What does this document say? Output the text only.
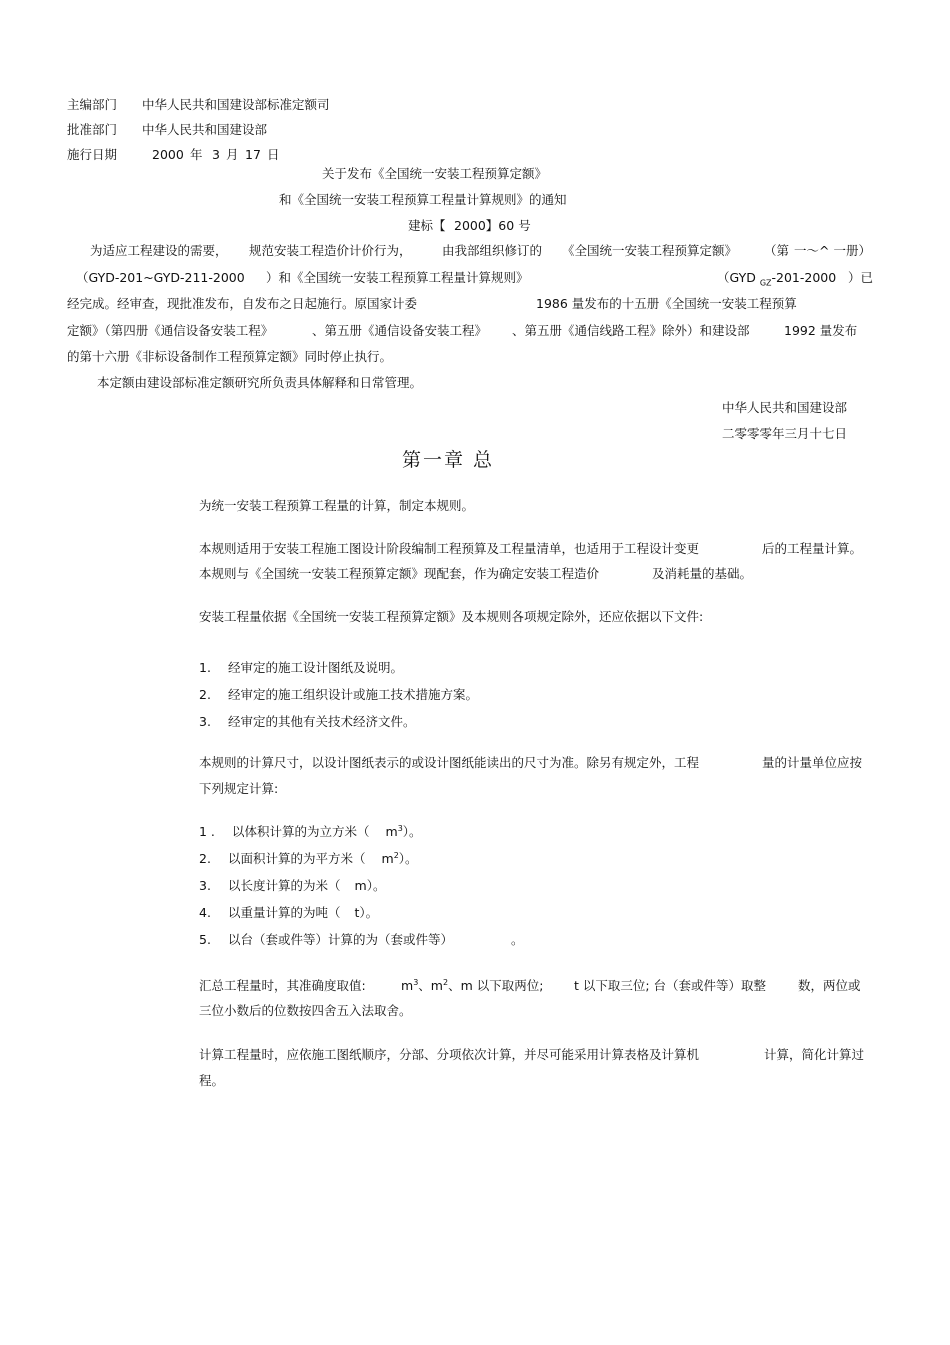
主编部门 中华人民共和国建设部标准定额司
批准部门 中华人民共和国建设部
施行日期	2000 年 3 月 17 日
关于发布《全国统一安装工程预算定额》
和《全国统一安装工程预算工程量计算规则》的通知
建标【 2000】60 号
为适应工程建设的需要， 规范安装工程造价计价行为， 由我部组织修订的 《全国统一安装工程预算定额》 （第 一～^ 一册）
（GYD-201~GYD-211-2000 ）和《全国统一安装工程预算工程量计算规则》	（GYD $_{GZ}$-201-2000 ）已
经完成。经审查，现批准发布，自发布之日起施行。原国家计委	1986 量发布的十五册《全国统一安装工程预算
定额》（第四册《通信设备安装工程》	、第五册《通信设备安装工程》 、第五册《通信线路工程》除外）和建设部	1992 量发布
的第十六册《非标设备制作工程预算定额》同时停止执行。
本定额由建设部标准定额研究所负责具体解释和日常管理。
中华人民共和国建设部
二零零零年三月十七日
第一章 总
为统一安装工程预算工程量的计算，制定本规则。
本规则适用于安装工程施工图设计阶段编制工程预算及工程量清单，也适用于工程设计变更	后的工程量计算。
本规则与《全国统一安装工程预算定额》现配套，作为确定安装工程造价	及消耗量的基础。
安装工程量依据《全国统一安装工程预算定额》及本规则各项规定除外，还应依据以下文件:
1. 经审定的施工设计图纸及说明。
2. 经审定的施工组织设计或施工技术措施方案。
3. 经审定的其他有关技术经济文件。
本规则的计算尺寸，以设计图纸表示的或设计图纸能读出的尺寸为准。除另有规定外，工程	量的计量单位应按
下列规定计算:
1 . 以体积计算的为立方米（ $m^3$）。
2. 以面积计算的为平方米（ $m^2$）。
3. 以长度计算的为米（ m）。
4. 以重量计算的为吨（ t）。
5. 以台（套或件等）计算的为（套或件等）	。
汇总工程量时，其准确度取值:	$m^3$、$m^2$、m 以下取两位; t 以下取三位; 台（套或件等）取整	数，两位或
三位小数后的位数按四舍五入法取舍。
计算工程量时，应依施工图纸顺序，分部、分项依次计算，并尽可能采用计算表格及计算机	计算，简化计算过
程。
